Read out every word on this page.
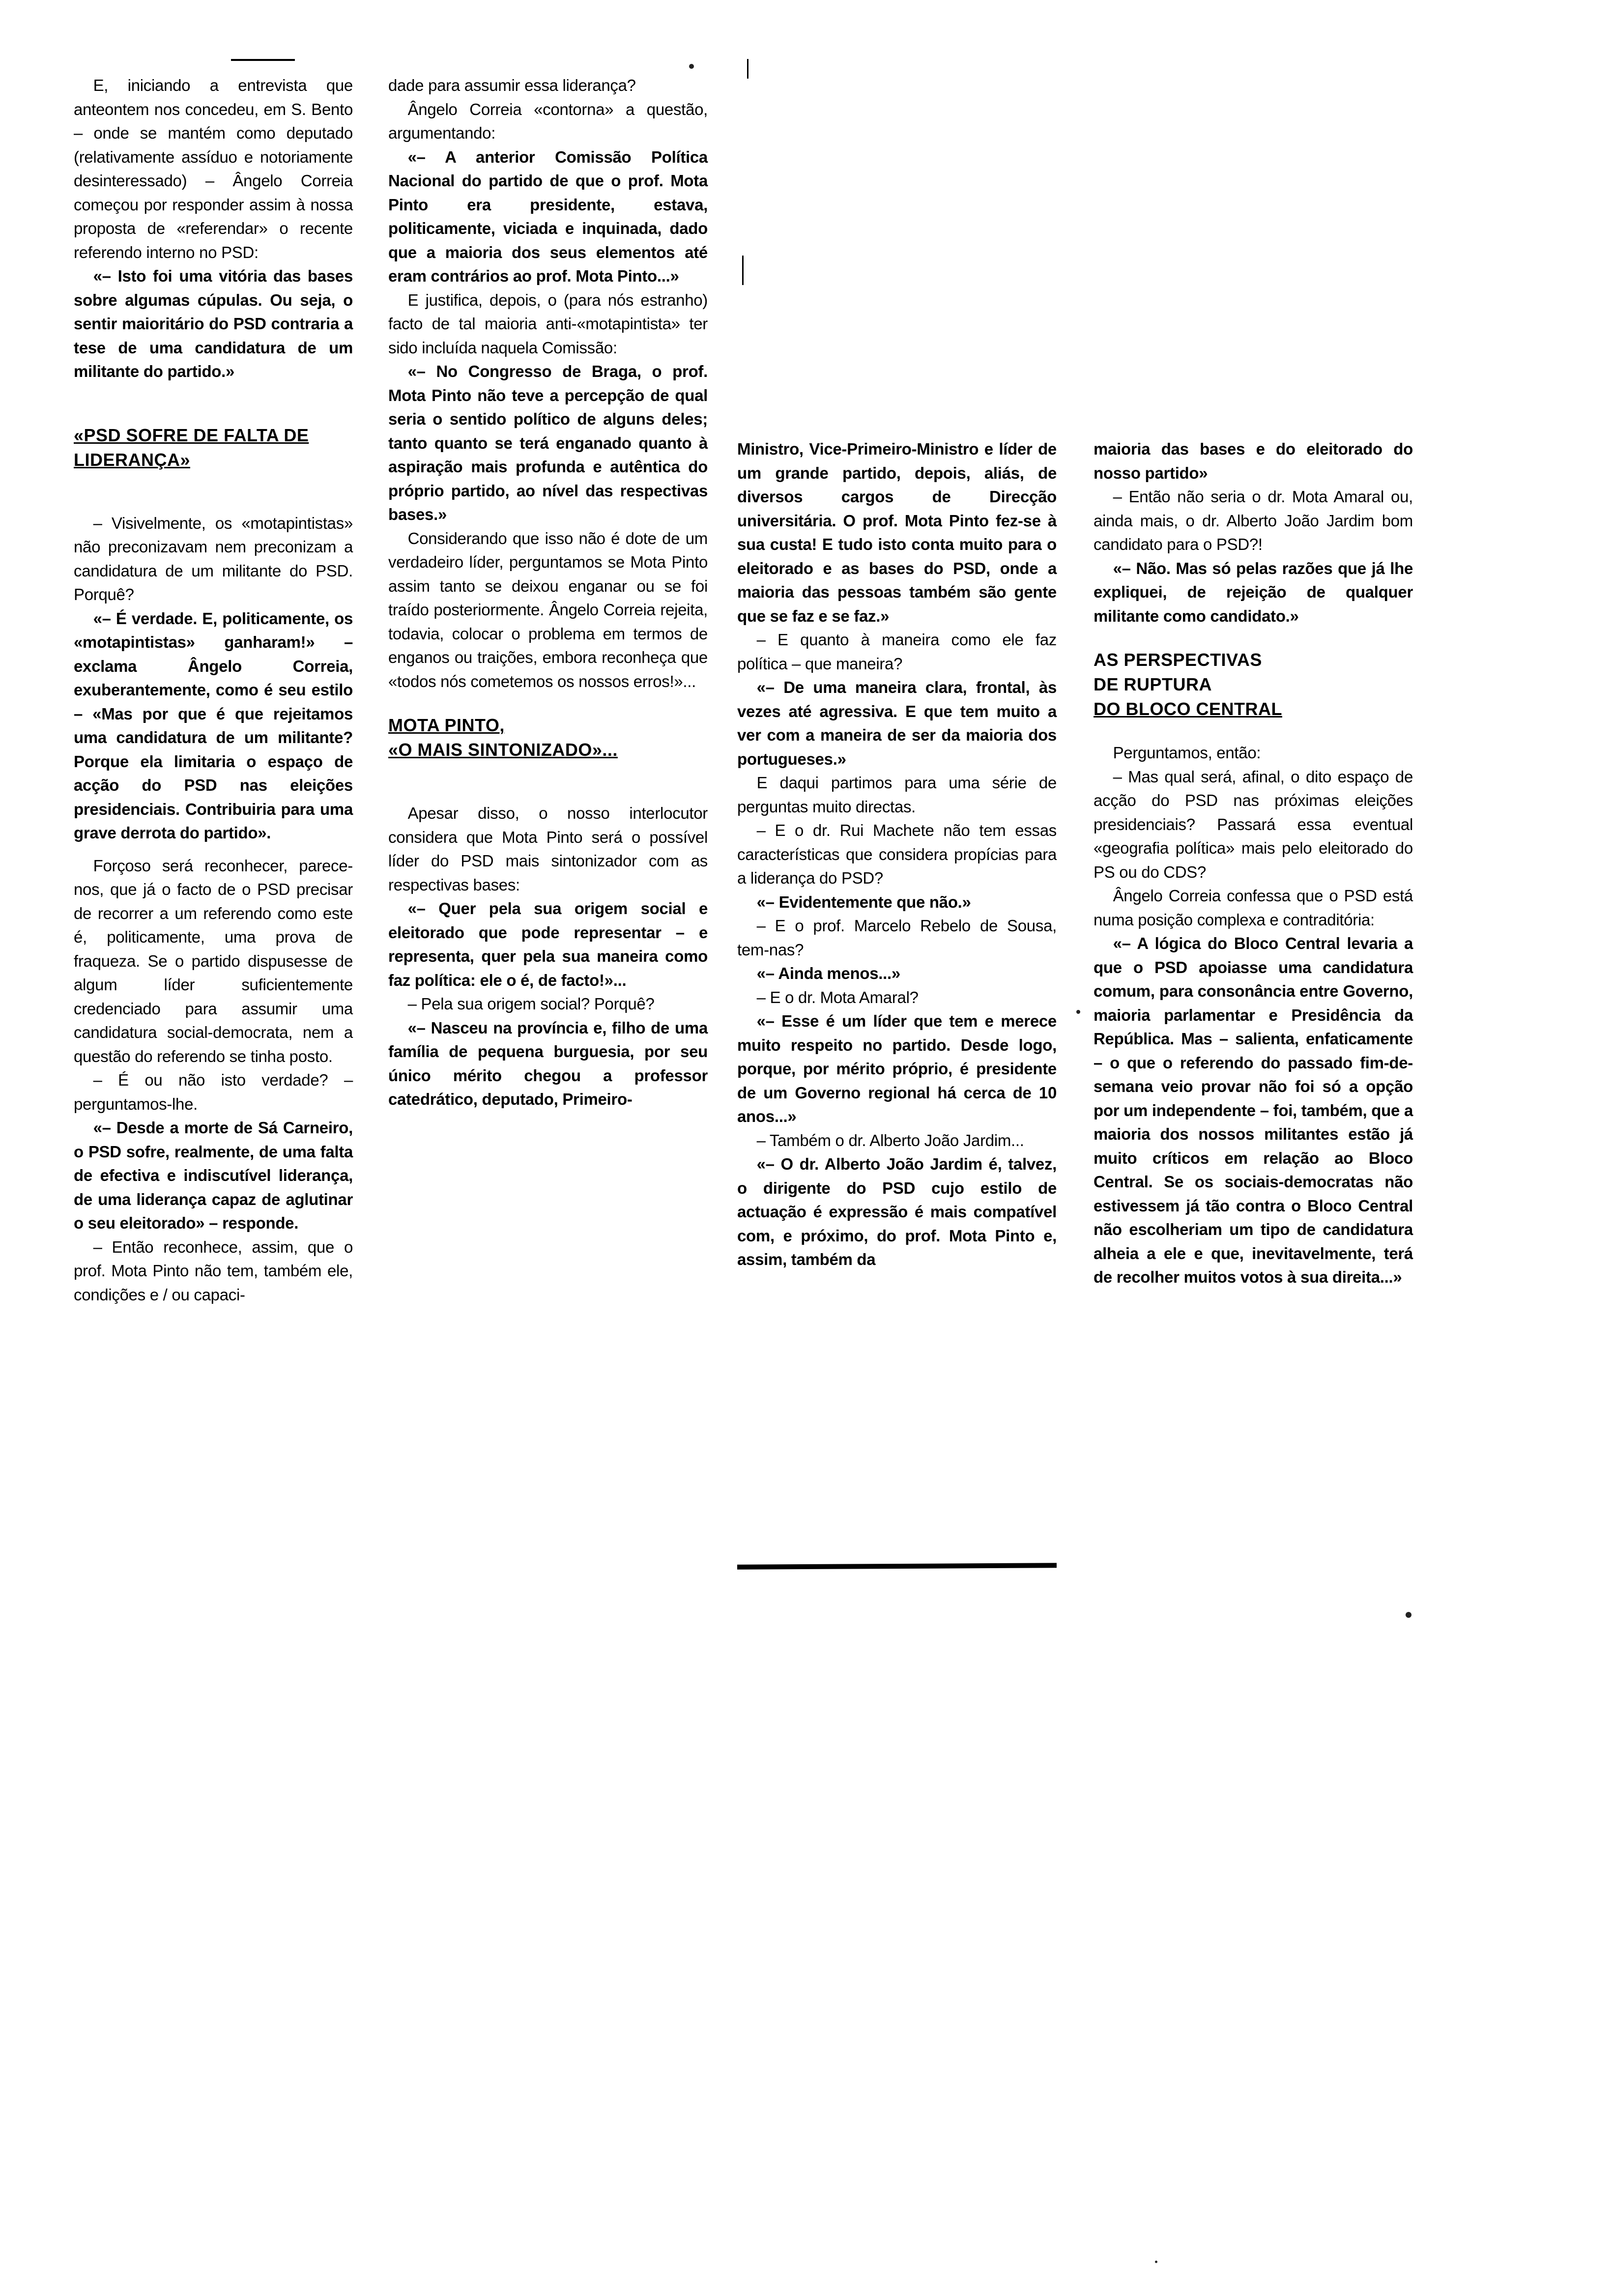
E, iniciando a entrevista que anteontem nos concedeu, em S. Bento – onde se mantém como deputado (relativamente assíduo e notoriamente desinteressado) – Ângelo Correia começou por responder assim à nossa proposta de «referendar» o recente referendo interno no PSD:

«– Isto foi uma vitória das bases sobre algumas cúpulas. Ou seja, o sentir maioritário do PSD contraria a tese de uma candidatura de um militante do partido.»

«PSD SOFRE DE FALTA DE LIDERANÇA»

– Visivelmente, os «motapintistas» não preconizavam nem preconizam a candidatura de um militante do PSD. Porquê?

«– É verdade. E, politicamente, os «motapintistas» ganharam!» – exclama Ângelo Correia, exuberantemente, como é seu estilo – «Mas por que é que rejeitamos uma candidatura de um militante? Porque ela limitaria o espaço de acção do PSD nas eleições presidenciais. Contribuiria para uma grave derrota do partido».

Forçoso será reconhecer, parece-nos, que já o facto de o PSD precisar de recorrer a um referendo como este é, politicamente, uma prova de fraqueza. Se o partido dispusesse de algum líder suficientemente credenciado para assumir uma candidatura social-democrata, nem a questão do referendo se tinha posto.

– É ou não isto verdade? – perguntamos-lhe.

«– Desde a morte de Sá Carneiro, o PSD sofre, realmente, de uma falta de efectiva e indiscutível liderança, de uma liderança capaz de aglutinar o seu eleitorado» – responde.

– Então reconhece, assim, que o prof. Mota Pinto não tem, também ele, condições e / ou capaci-

dade para assumir essa liderança?

Ângelo Correia «contorna» a questão, argumentando:

«– A anterior Comissão Política Nacional do partido de que o prof. Mota Pinto era presidente, estava, politicamente, viciada e inquinada, dado que a maioria dos seus elementos até eram contrários ao prof. Mota Pinto...»

E justifica, depois, o (para nós estranho) facto de tal maioria anti-«motapintista» ter sido incluída naquela Comissão:

«– No Congresso de Braga, o prof. Mota Pinto não teve a percepção de qual seria o sentido político de alguns deles; tanto quanto se terá enganado quanto à aspiração mais profunda e autêntica do próprio partido, ao nível das respectivas bases.»

Considerando que isso não é dote de um verdadeiro líder, perguntamos se Mota Pinto assim tanto se deixou enganar ou se foi traído posteriormente. Ângelo Correia rejeita, todavia, colocar o problema em termos de enganos ou traições, embora reconheça que «todos nós cometemos os nossos erros!»...

MOTA PINTO,

«O MAIS SINTONIZADO»...

Apesar disso, o nosso interlocutor considera que Mota Pinto será o possível líder do PSD mais sintonizador com as respectivas bases:

«– Quer pela sua origem social e eleitorado que pode representar – e representa, quer pela sua maneira como faz política: ele o é, de facto!»...

– Pela sua origem social? Porquê?

«– Nasceu na província e, filho de uma família de pequena burguesia, por seu único mérito chegou a professor catedrático, deputado, Primeiro-

Ministro, Vice-Primeiro-Ministro e líder de um grande partido, depois, aliás, de diversos cargos de Direcção universitária. O prof. Mota Pinto fez-se à sua custa! E tudo isto conta muito para o eleitorado e as bases do PSD, onde a maioria das pessoas também são gente que se faz e se faz.»

– E quanto à maneira como ele faz política – que maneira?

«– De uma maneira clara, frontal, às vezes até agressiva. E que tem muito a ver com a maneira de ser da maioria dos portugueses.»

E daqui partimos para uma série de perguntas muito directas.

– E o dr. Rui Machete não tem essas características que considera propícias para a liderança do PSD?

«– Evidentemente que não.»

– E o prof. Marcelo Rebelo de Sousa, tem-nas?

«– Ainda menos...»

– E o dr. Mota Amaral?

«– Esse é um líder que tem e merece muito respeito no partido. Desde logo, porque, por mérito próprio, é presidente de um Governo regional há cerca de 10 anos...»

– Também o dr. Alberto João Jardim...

«– O dr. Alberto João Jardim é, talvez, o dirigente do PSD cujo estilo de actuação é expressão é mais compatível com, e próximo, do prof. Mota Pinto e, assim, também da

maioria das bases e do eleitorado do nosso partido»

– Então não seria o dr. Mota Amaral ou, ainda mais, o dr. Alberto João Jardim bom candidato para o PSD?!

«– Não. Mas só pelas razões que já lhe expliquei, de rejeição de qualquer militante como candidato.»

AS PERSPECTIVAS

DE RUPTURA

DO BLOCO CENTRAL

Perguntamos, então:

– Mas qual será, afinal, o dito espaço de acção do PSD nas próximas eleições presidenciais? Passará essa eventual «geografia política» mais pelo eleitorado do PS ou do CDS?

Ângelo Correia confessa que o PSD está numa posição complexa e contraditória:

«– A lógica do Bloco Central levaria a que o PSD apoiasse uma candidatura comum, para consonância entre Governo, maioria parlamentar e Presidência da República. Mas – salienta, enfaticamente – o que o referendo do passado fim-de-semana veio provar não foi só a opção por um independente – foi, também, que a maioria dos nossos militantes estão já muito críticos em relação ao Bloco Central. Se os sociais-democratas não estivessem já tão contra o Bloco Central não escolheriam um tipo de candidatura alheia a ele e que, inevitavelmente, terá de recolher muitos votos à sua direita...»
